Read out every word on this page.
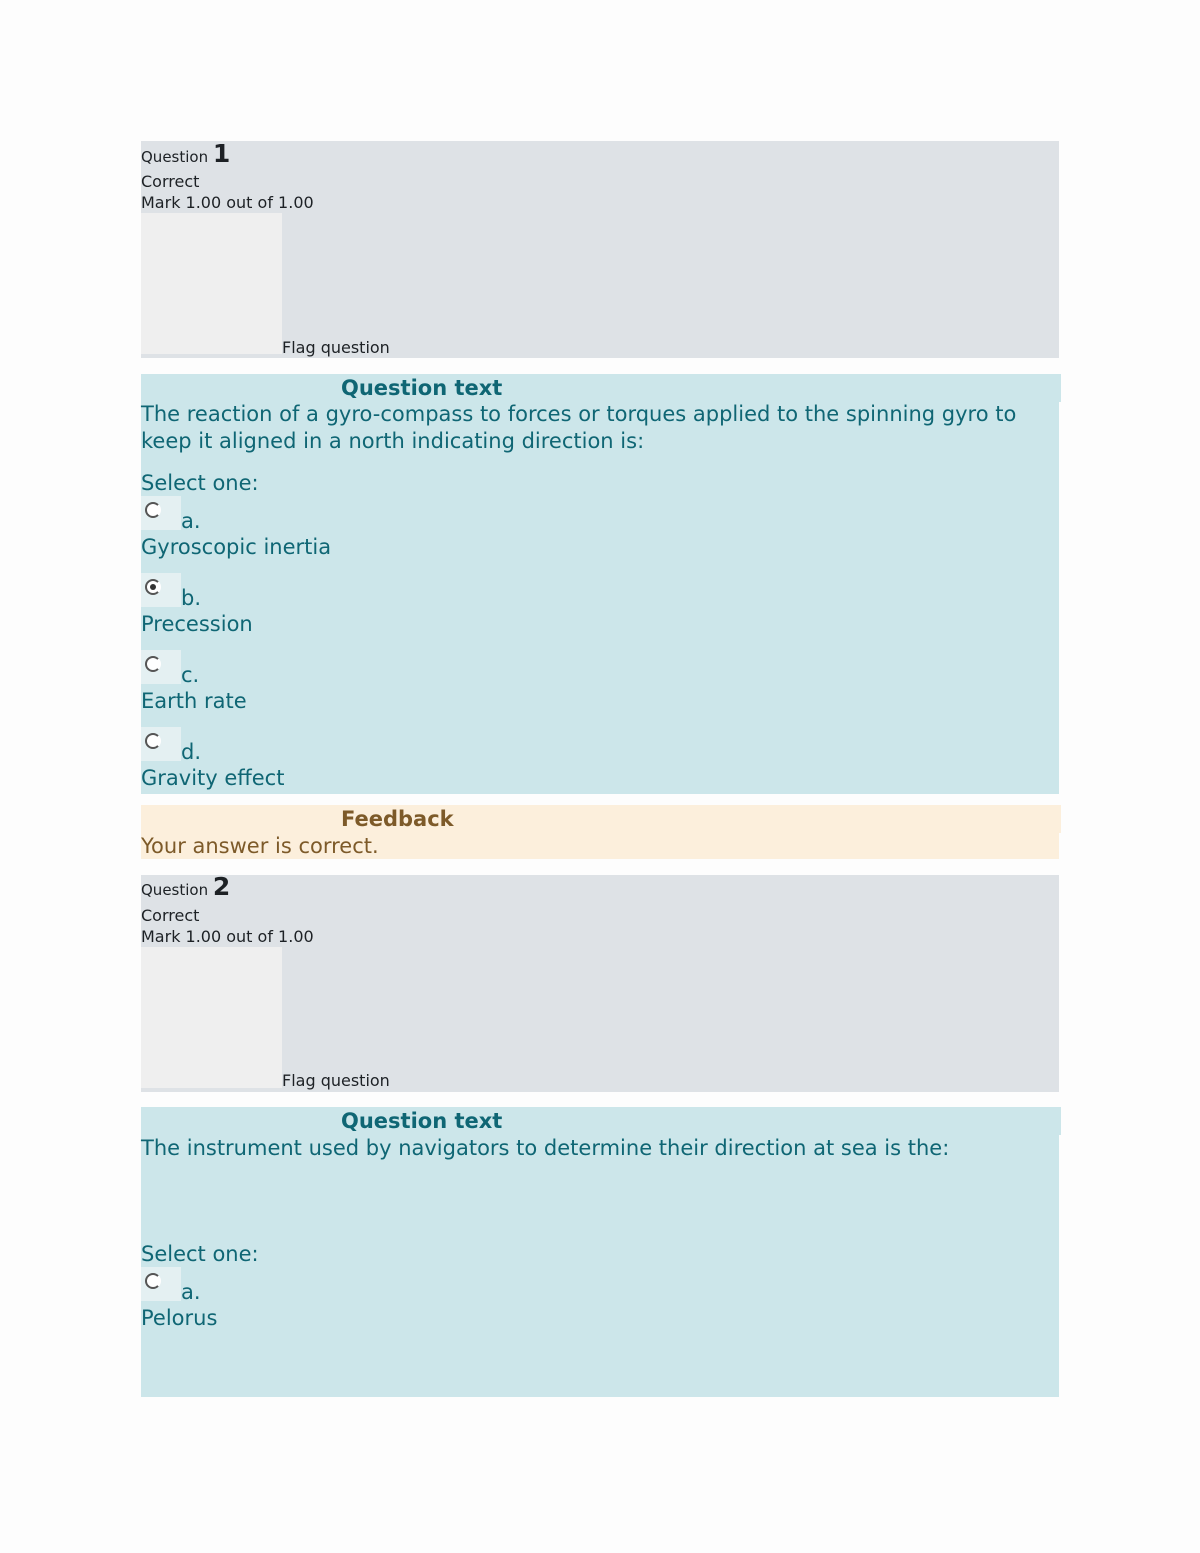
Question 1
Correct
Mark 1.00 out of 1.00
Flag question
Question text
The reaction of a gyro-compass to forces or torques applied to the spinning gyro to keep it aligned in a north indicating direction is:
Select one:
a.
Gyroscopic inertia
b.
Precession
c.
Earth rate
d.
Gravity effect
Feedback
Your answer is correct.
Question 2
Correct
Mark 1.00 out of 1.00
Flag question
Question text
The instrument used by navigators to determine their direction at sea is the:
Select one:
a.
Pelorus
